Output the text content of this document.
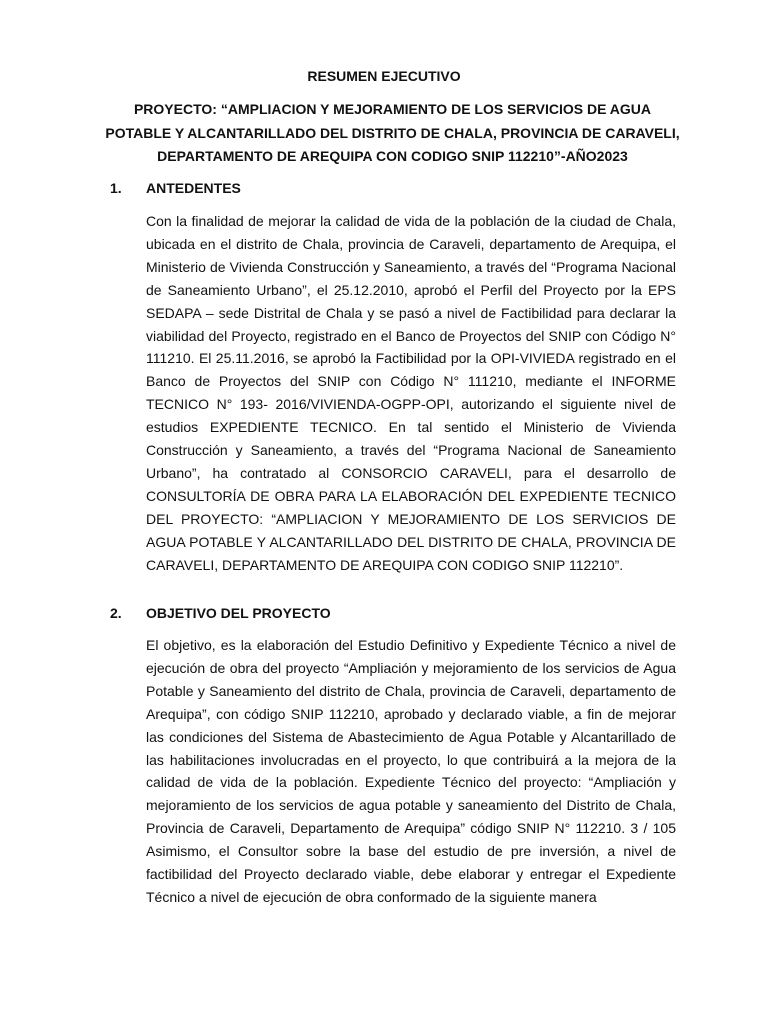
RESUMEN EJECUTIVO
PROYECTO: “AMPLIACION Y MEJORAMIENTO DE LOS SERVICIOS DE AGUA POTABLE Y ALCANTARILLADO DEL DISTRITO DE CHALA, PROVINCIA DE CARAVELI, DEPARTAMENTO DE AREQUIPA CON CODIGO SNIP 112210”-AÑO2023
1. ANTEDENTES

Con la finalidad de mejorar la calidad de vida de la población de la ciudad de Chala, ubicada en el distrito de Chala, provincia de Caraveli, departamento de Arequipa, el Ministerio de Vivienda Construcción y Saneamiento, a través del “Programa Nacional de Saneamiento Urbano”, el 25.12.2010, aprobó el Perfil del Proyecto por la EPS SEDAPA – sede Distrital de Chala y se pasó a nivel de Factibilidad para declarar la viabilidad del Proyecto, registrado en el Banco de Proyectos del SNIP con Código N° 111210. El 25.11.2016, se aprobó la Factibilidad por la OPI-VIVIEDA registrado en el Banco de Proyectos del SNIP con Código N° 111210, mediante el INFORME TECNICO N° 193- 2016/VIVIENDA-OGPP-OPI, autorizando el siguiente nivel de estudios EXPEDIENTE TECNICO. En tal sentido el Ministerio de Vivienda Construcción y Saneamiento, a través del “Programa Nacional de Saneamiento Urbano”, ha contratado al CONSORCIO CARAVELI, para el desarrollo de CONSULTORÍA DE OBRA PARA LA ELABORACIÓN DEL EXPEDIENTE TECNICO DEL PROYECTO: “AMPLIACION Y MEJORAMIENTO DE LOS SERVICIOS DE AGUA POTABLE Y ALCANTARILLADO DEL DISTRITO DE CHALA, PROVINCIA DE CARAVELI, DEPARTAMENTO DE AREQUIPA CON CODIGO SNIP 112210”.

2. OBJETIVO DEL PROYECTO

El objetivo, es la elaboración del Estudio Definitivo y Expediente Técnico a nivel de ejecución de obra del proyecto “Ampliación y mejoramiento de los servicios de Agua Potable y Saneamiento del distrito de Chala, provincia de Caraveli, departamento de Arequipa”, con código SNIP 112210, aprobado y declarado viable, a fin de mejorar las condiciones del Sistema de Abastecimiento de Agua Potable y Alcantarillado de las habilitaciones involucradas en el proyecto, lo que contribuirá a la mejora de la calidad de vida de la población. Expediente Técnico del proyecto: “Ampliación y mejoramiento de los servicios de agua potable y saneamiento del Distrito de Chala, Provincia de Caraveli, Departamento de Arequipa” código SNIP N° 112210. 3 / 105 Asimismo, el Consultor sobre la base del estudio de pre inversión, a nivel de factibilidad del Proyecto declarado viable, debe elaborar y entregar el Expediente Técnico a nivel de ejecución de obra conformado de la siguiente manera
